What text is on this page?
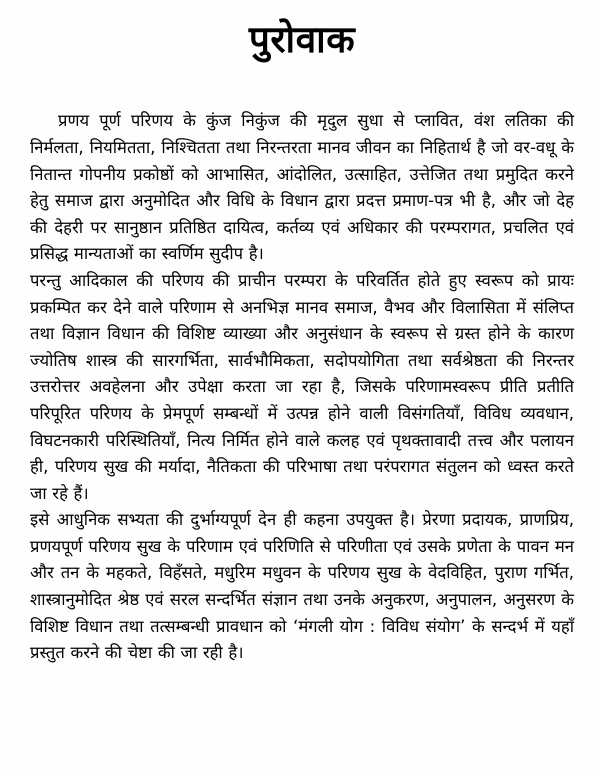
पुरोवाक

प्रणय पूर्ण परिणय के कुंज निकुंज की मृदुल सुधा से प्लावित, वंश लतिका की निर्मलता, नियमितता, निश्चितता तथा निरन्तरता मानव जीवन का निहितार्थ है जो वर-वधू के नितान्त गोपनीय प्रकोष्ठों को आभासित, आंदोलित, उत्साहित, उत्तेजित तथा प्रमुदित करने हेतु समाज द्वारा अनुमोदित और विधि के विधान द्वारा प्रदत्त प्रमाण-पत्र भी है, और जो देह की देहरी पर सानुष्ठान प्रतिष्ठित दायित्व, कर्तव्य एवं अधिकार की परम्परागत, प्रचलित एवं प्रसिद्ध मान्यताओं का स्वर्णिम सुदीप है।

परन्तु आदिकाल की परिणय की प्राचीन परम्परा के परिवर्तित होते हुए स्वरूप को प्रायः प्रकम्पित कर देने वाले परिणाम से अनभिज्ञ मानव समाज, वैभव और विलासिता में संलिप्त तथा विज्ञान विधान की विशिष्ट व्याख्या और अनुसंधान के स्वरूप से ग्रस्त होने के कारण ज्योतिष शास्त्र की सारगर्भिता, सार्वभौमिकता, सदोपयोगिता तथा सर्वश्रेष्ठता की निरन्तर उत्तरोत्तर अवहेलना और उपेक्षा करता जा रहा है, जिसके परिणामस्वरूप प्रीति प्रतीति परिपूरित परिणय के प्रेमपूर्ण सम्बन्धों में उत्पन्न होने वाली विसंगतियाँ, विविध व्यवधान, विघटनकारी परिस्थितियाँ, नित्य निर्मित होने वाले कलह एवं पृथक्तावादी तत्त्व और पलायन ही, परिणय सुख की मर्यादा, नैतिकता की परिभाषा तथा परंपरागत संतुलन को ध्वस्त करते जा रहे हैं।

इसे आधुनिक सभ्यता की दुर्भाग्यपूर्ण देन ही कहना उपयुक्त है। प्रेरणा प्रदायक, प्राणप्रिय, प्रणयपूर्ण परिणय सुख के परिणाम एवं परिणिति से परिणीता एवं उसके प्रणेता के पावन मन और तन के महकते, विहँसते, मधुरिम मधुवन के परिणय सुख के वेदविहित, पुराण गर्भित, शास्त्रानुमोदित श्रेष्ठ एवं सरल सन्दर्भित संज्ञान तथा उनके अनुकरण, अनुपालन, अनुसरण के विशिष्ट विधान तथा तत्सम्बन्धी प्रावधान को ‘मंगली योग : विविध संयोग’ के सन्दर्भ में यहाँ प्रस्तुत करने की चेष्टा की जा रही है।
